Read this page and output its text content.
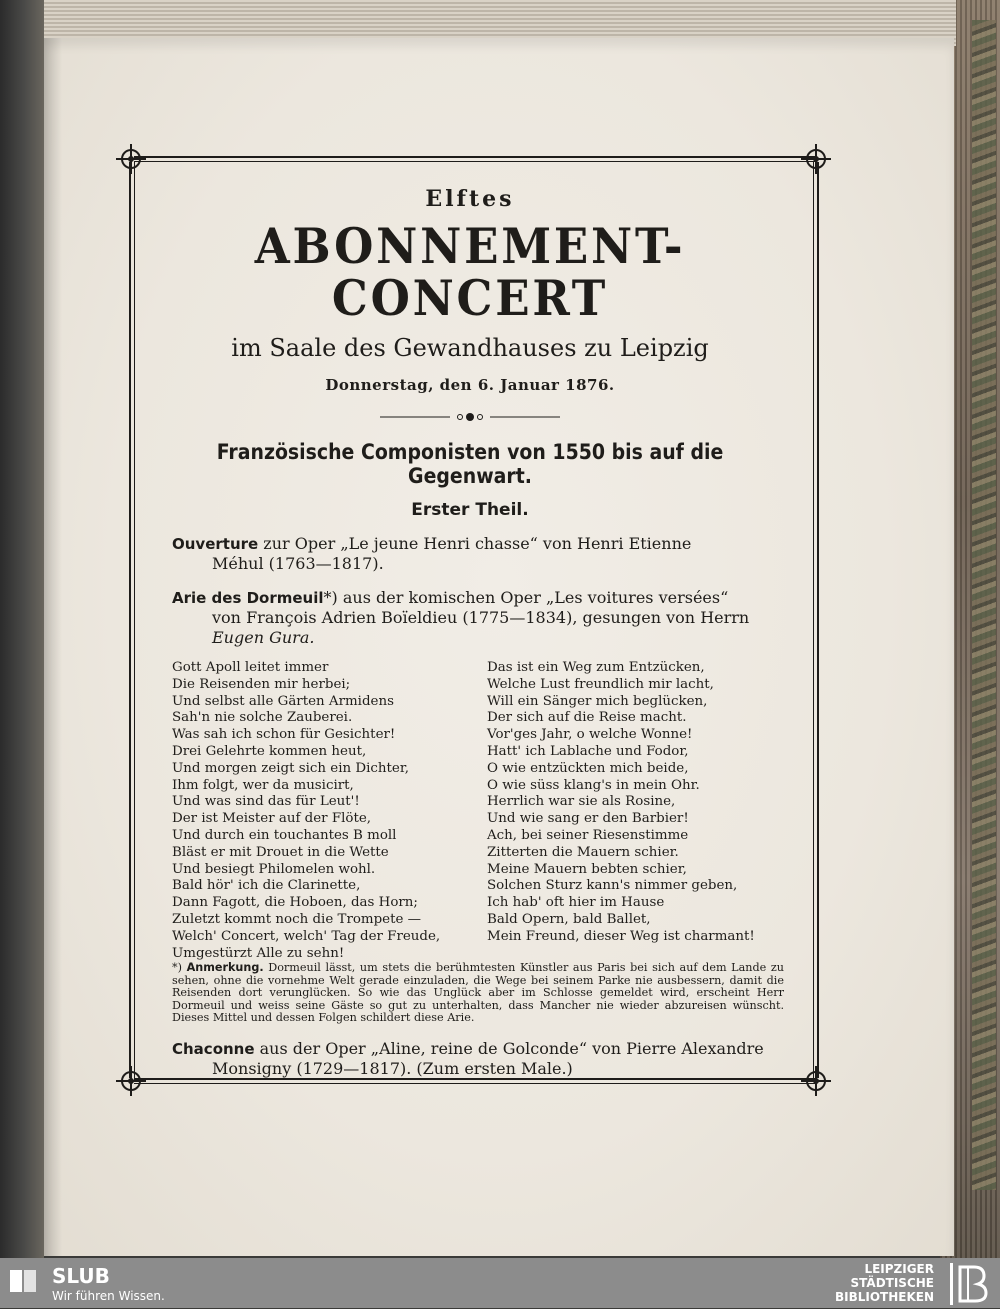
Elftes
ABONNEMENT-CONCERT
im Saale des Gewandhauses zu Leipzig
Donnerstag, den 6. Januar 1876.
Französische Componisten von 1550 bis auf die Gegenwart.
Erster Theil.
Ouverture zur Oper „Le jeune Henri chasse“ von Henri Etienne
Méhul (1763—1817).
Arie des Dormeuil*) aus der komischen Oper „Les voitures versées“
von François Adrien Boïeldieu (1775—1834), gesungen von Herrn
Eugen Gura.
Gott Apoll leitet immer
Die Reisenden mir herbei;
Und selbst alle Gärten Armidens
Sah'n nie solche Zauberei.
Was sah ich schon für Gesichter!
Drei Gelehrte kommen heut,
Und morgen zeigt sich ein Dichter,
Ihm folgt, wer da musicirt,
Und was sind das für Leut'!
Der ist Meister auf der Flöte,
Und durch ein touchantes B moll
Bläst er mit Drouet in die Wette
Und besiegt Philomelen wohl.
Bald hör' ich die Clarinette,
Dann Fagott, die Hoboen, das Horn;
Zuletzt kommt noch die Trompete —
Welch' Concert, welch' Tag der Freude,
Umgestürzt Alle zu sehn!
Das ist ein Weg zum Entzücken,
Welche Lust freundlich mir lacht,
Will ein Sänger mich beglücken,
Der sich auf die Reise macht.
Vor'ges Jahr, o welche Wonne!
Hatt' ich Lablache und Fodor,
O wie entzückten mich beide,
O wie süss klang's in mein Ohr.
Herrlich war sie als Rosine,
Und wie sang er den Barbier!
Ach, bei seiner Riesenstimme
Zitterten die Mauern schier.
Meine Mauern bebten schier,
Solchen Sturz kann's nimmer geben,
Ich hab' oft hier im Hause
Bald Opern, bald Ballet,
Mein Freund, dieser Weg ist charmant!
*) Anmerkung. Dormeuil lässt, um stets die berühmtesten Künstler aus Paris bei sich auf dem Lande zu sehen, ohne die vornehme Welt gerade einzuladen, die Wege bei seinem Parke nie ausbessern, damit die Reisenden dort verunglücken. So wie das Unglück aber im Schlosse gemeldet wird, erscheint Herr Dormeuil und weiss seine Gäste so gut zu unterhalten, dass Mancher nie wieder abzureisen wünscht. Dieses Mittel und dessen Folgen schildert diese Arie.
Chaconne aus der Oper „Aline, reine de Golconde“ von Pierre Alexandre
Monsigny (1729—1817). (Zum ersten Male.)
SLUB
Wir führen Wissen.
LEIPZIGER
STÄDTISCHE
BIBLIOTHEKEN
